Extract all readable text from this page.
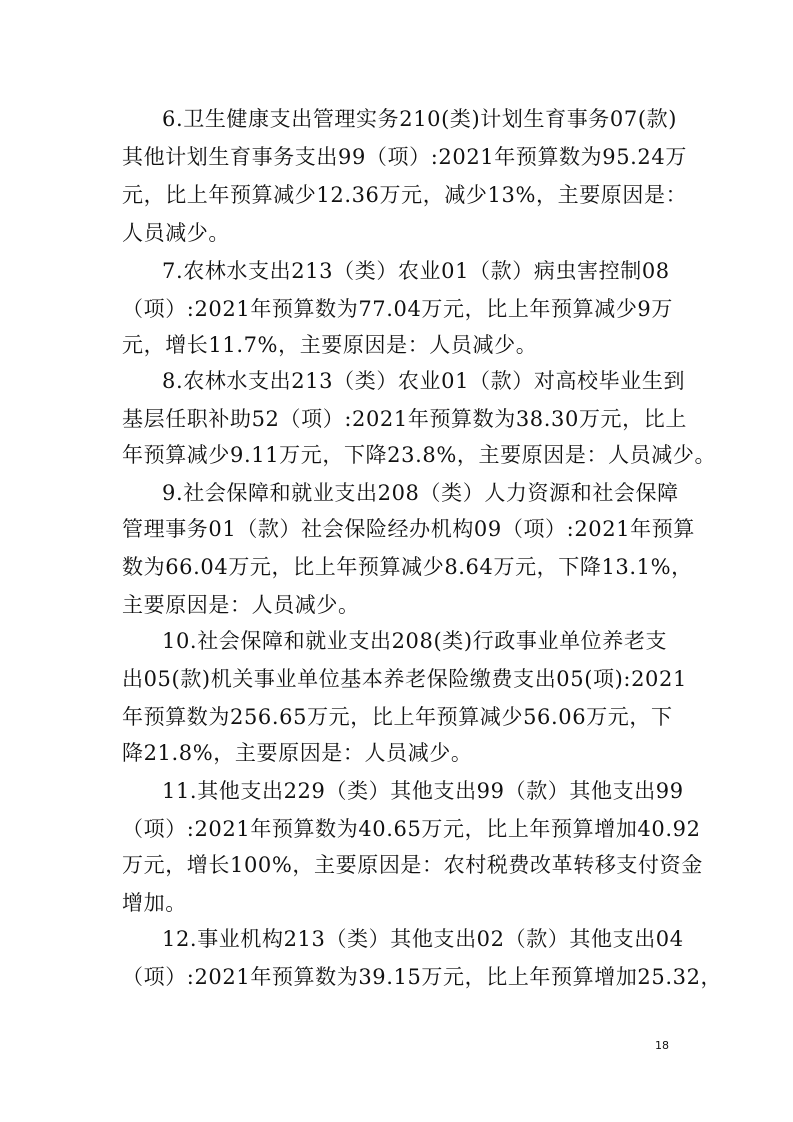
6.卫生健康支出管理实务210(类)计划生育事务07(款)
其他计划生育事务支出99（项）:2021年预算数为95.24万
元，比上年预算减少12.36万元，减少13%，主要原因是：
人员减少。
7.农林水支出213（类）农业01（款）病虫害控制08
（项）:2021年预算数为77.04万元，比上年预算减少9万
元，增长11.7%，主要原因是：人员减少。
8.农林水支出213（类）农业01（款）对高校毕业生到
基层任职补助52（项）:2021年预算数为38.30万元，比上
年预算减少9.11万元，下降23.8%，主要原因是：人员减少。
9.社会保障和就业支出208（类）人力资源和社会保障
管理事务01（款）社会保险经办机构09（项）:2021年预算
数为66.04万元，比上年预算减少8.64万元，下降13.1%，
主要原因是：人员减少。
10.社会保障和就业支出208(类)行政事业单位养老支
出05(款)机关事业单位基本养老保险缴费支出05(项):2021
年预算数为256.65万元，比上年预算减少56.06万元，下
降21.8%，主要原因是：人员减少。
11.其他支出229（类）其他支出99（款）其他支出99
（项）:2021年预算数为40.65万元，比上年预算增加40.92
万元，增长100%，主要原因是：农村税费改革转移支付资金
增加。
12.事业机构213（类）其他支出02（款）其他支出04
（项）:2021年预算数为39.15万元，比上年预算增加25.32，
18
